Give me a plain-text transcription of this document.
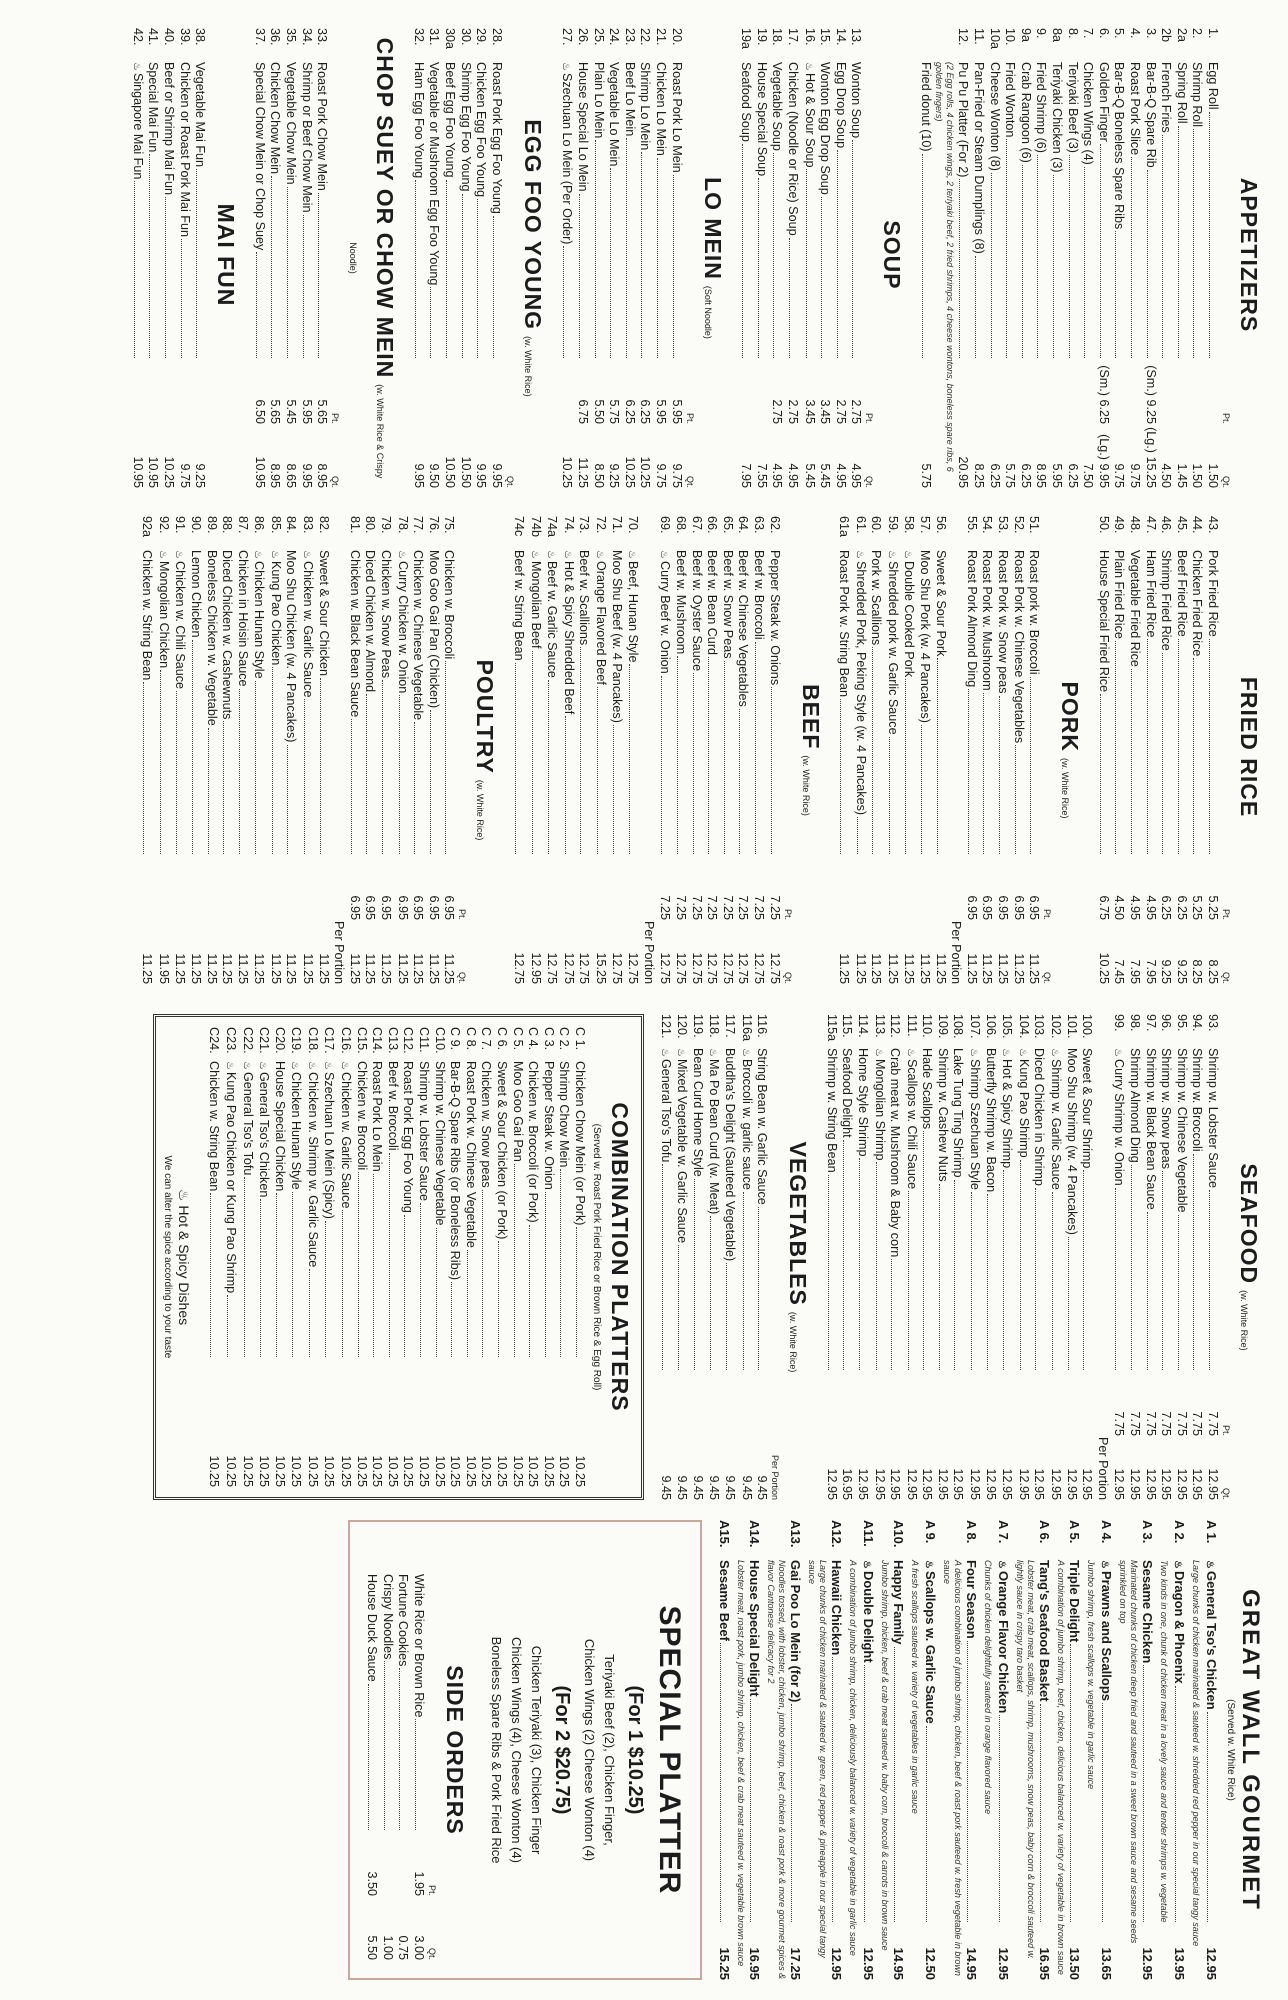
APPETIZERS
Pt.
Qt.
1.
Egg Roll
1.50
2.
Shrimp Roll
1.50
2a
Spring Roll
1.45
2b
French Fries
4.50
3.
Bar-B-Q Spare Rib
(Sm.) 9.25
(Lg.) 15.25
4.
Roast Pork Slice
9.75
5.
Bar-B-Q Boneless Spare Ribs
9.75
6.
Golden Finger
(Sm.) 6.25
(Lg.) 9.95
7.
Chicken Wings (4)
7.50
8.
Teriyaki Beef (3)
6.25
8a
Teriyaki Chicken (3)
5.95
9.
Fried Shrimp (6)
8.95
9a
Crab Rangoon (6)
6.25
10.
Fried Wonton
5.75
10a
Cheese Wonton (8)
6.25
11.
Pan-Fried or Steam Dumplings (8)
8.25
12.
Pu Pu Platter (For 2)
20.95
(2 Egg rolls, 4 chicken wings, 2 teriyaki beef, 2 fried shrimps, 4 cheese wontons, boneless spare ribs, 6 golden fingers)
Fried donut (10)
5.75
SOUP
Pt.
Qt.
13.
Wonton Soup
2.75
4.95
14.
Egg Drop Soup
2.75
4.95
15.
Wonton Egg Drop Soup
3.45
5.45
16.
♨
Hot & Sour Soup
3.45
5.45
17.
Chicken (Noodle or Rice) Soup
2.75
4.95
18.
Vegetable Soup
2.75
4.95
19.
House Special Soup
7.55
19a
Seafood Soup
7.95
LO MEIN(Soft Noodle)
Pt.
Qt.
20.
Roast Pork Lo Mein
5.95
9.75
21.
Chicken Lo Mein
5.95
9.75
22.
Shrimp Lo Mein
6.25
10.25
23.
Beef Lo Mein
6.25
10.25
24.
Vegetable Lo Mein
5.75
9.25
25.
Plain Lo Mein
5.50
8.50
26.
House Special Lo Mein
6.75
11.25
27.
♨
Szechuan Lo Mein (Per Order)
10.25
EGG FOO YOUNG(w. White Rice)
Qt.
28.
Roast Pork Egg Foo Young
9.95
29.
Chicken Egg Foo Young
9.95
30.
Shrimp Egg Foo Young
10.50
30a
Beef Egg Foo Young
10.50
31.
Vegetable or Mushroom Egg Foo Young
9.50
32.
Ham Egg Foo Young
9.95
CHOP SUEY OR CHOW MEIN(w. White Rice & Crispy Noodle)
Pt.
Qt.
33.
Roast Pork Chow Mein
5.65
8.95
34.
Shrimp or Beef Chow Mein
5.95
9.95
35.
Vegetable Chow Mein
5.45
8.65
36.
Chicken Chow Mein
5.65
8.95
37.
Special Chow Mein or Chop Suey
6.50
10.95
MAI FUN
38.
Vegetable Mai Fun
9.25
39.
Chicken or Roast Pork Mai Fun
9.75
40.
Beef or Shrimp Mai Fun
10.25
41.
Special Mai Fun
10.95
42.
♨
Singapore Mai Fun
10.95
FRIED RICE
Pt.
Qt.
43.
Pork Fried Rice
5.25
8.25
44.
Chicken Fried Rice
5.25
8.25
45.
Beef Fried Rice
6.25
9.25
46.
Shrimp Fried Rice
6.25
9.25
47.
Ham Fried Rice
4.95
7.95
48.
Vegetable Fried Rice
4.95
7.95
49.
Plain Fried Rice
4.50
7.45
50.
House Special Fried Rice
6.75
10.25
PORK(w. White Rice)
Pt.
Qt.
51.
Roast pork w. Broccoli
6.95
11.25
52.
Roast Pork w. Chinese Vegetables
6.95
11.25
53.
Roast Pork w. Snow peas
6.95
11.25
54.
Roast Pork w. Mushroom
6.95
11.25
55.
Roast Pork Almond Ding
6.95
11.25
Per Portion
56.
Sweet & Sour Pork
11.25
57.
Moo Shu Pork (w. 4 Pancakes)
11.25
58.
♨
Double Cooked Pork
11.25
59.
♨
Shredded pork w. Garlic Sauce
11.25
60.
Pork w. Scallions
11.25
61.
♨
Shredded Pork, Peking Style (w. 4 Pancakes)
11.25
61a
Roast Pork w. String Bean
11.25
BEEF(w. White Rice)
Pt.
Qt.
62.
Pepper Steak w. Onions
7.25
12.75
63.
Beef w. Broccoli
7.25
12.75
64.
Beef w. Chinese Vegetables
7.25
12.75
65.
Beef w. Snow Peas
7.25
12.75
66.
Beef w. Bean Curd
7.25
12.75
67.
Beef w. Oyster Sauce
7.25
12.75
68.
Beef w. Mushroom
7.25
12.75
69.
♨
Curry Beef w. Onion
7.25
12.75
Per Portion
70.
♨
Beef, Hunan Style
12.75
71.
Moo Shu Beef (w. 4 Pancakes)
12.75
72.
♨
Orange Flavored Beef
15.25
73.
Beef w. Scallions
12.75
74.
♨
Hot & Spicy Shredded Beef
12.75
74a
♨
Beef w. Garlic Sauce
12.75
74b
♨
Mongolian Beef
12.95
74c
Beef w. String Bean
12.75
POULTRY(w. White Rice)
Pt.
Qt.
75.
Chicken w. Broccoli
6.95
11.25
76.
Moo Goo Gai Pan (Chicken)
6.95
11.25
77.
Chicken w. Chinese Vegetable
6.95
11.25
78.
♨
Curry Chicken w. Onion
6.95
11.25
79.
Chicken w. Snow Peas
6.95
11.25
80.
Diced Chicken w. Almond
6.95
11.25
81.
Chicken w. Black Bean Sauce
6.95
11.25
Per Portion
82.
Sweet & Sour Chicken
11.25
83.
♨
Chicken w. Garlic Sauce
11.25
84.
Moo Shu Chicken (w. 4 Pancakes)
11.25
85.
♨
Kung Pao Chicken
11.25
86.
♨
Chicken Hunan Style
11.25
87.
Chicken in Hoisin Sauce
11.25
88.
Diced Chicken w. Cashewnuts
11.25
89.
Boneless Chicken w. Vegetable
11.25
90.
Lemon Chicken
11.25
91.
♨
Chicken w. Chili Sauce
11.25
92.
♨
Mongolian Chicken
11.95
92a
Chicken w. String Bean
11.25
SEAFOOD(w. White Rice)
Pt.
Qt.
93.
Shrimp w. Lobster Sauce
7.75
12.95
94.
Shrimp w. Broccoli
7.75
12.95
95.
Shrimp w. Chinese Vegetable
7.75
12.95
96.
Shrimp w. Snow peas
7.75
12.95
97.
Shrimp w. Black Bean Sauce
7.75
12.95
98.
Shrimp Almond Ding
7.75
12.95
99.
♨
Curry Shrimp w. Onion
7.75
12.95
Per Portion
100.
Sweet & Sour Shrimp
12.95
101.
Moo Shu Shrimp (w. 4 Pancakes)
12.95
102.
♨
Shrimp w. Garlic Sauce
12.95
103.
Diced Chicken in Shrimp
12.95
104.
♨
Kung Pao Shrimp
12.95
105.
♨
Hot & Spicy Shrimp
12.95
106.
Butterfly Shrimp w. Bacon
12.95
107.
♨
Shrimp Szechuan Style
12.95
108.
Lake Tung Ting Shrimp
12.95
109.
Shrimp w. Cashew Nuts
12.95
110.
Hade Scallops
12.95
111.
♨
Scallops w. Chili Sauce
12.95
112.
Crab meat w. Mushroom & Baby corn
12.95
113.
♨
Mongolian Shrimp
12.95
114.
Home Style Shrimp
12.95
115.
Seafood Delight
16.95
115a
Shrimp w. String Bean
12.95
VEGETABLES(w. White Rice)
Per Portion
116.
String Bean w. Garlic Sauce
9.45
116a
♨
Broccoli w. garlic sauce
9.45
117.
Buddha's Delight (Sauteed Vegetable)
9.45
118.
♨
Ma Po Bean Curd (w. Meat)
9.45
119.
Bean Curd Home Style
9.45
120.
♨
Mixed Vegetable w. Garlic Sauce
9.45
121.
♨
General Tso's Tofu
9.45
COMBINATION PLATTERS
(Served w. Roast Pork Fried Rice or Brown Rice & Egg Roll)
C 1.
Chicken Chow Mein (or Pork)
10.25
C 2.
Shrimp Chow Mein
10.25
C 3.
Pepper Steak w. Onion
10.25
C 4.
Chicken w. Broccoli (or Pork)
10.25
C 5.
Moo Goo Gai Pan
10.25
C 6.
Sweet & Sour Chicken (or Pork)
10.25
C 7.
Chicken w. Snow peas
10.25
C 8.
Roast Pork w. Chinese Vegetable
10.25
C 9.
Bar-B-Q Spare Ribs (or Boneless Ribs)
10.25
C10.
Shrimp w. Chinese Vegetable
10.25
C11.
Shrimp w. Lobster Sauce
10.25
C12.
Roast Pork Egg Foo Young
10.25
C13.
Beef w. Broccoli
10.25
C14.
Roast Pork Lo Mein
10.25
C15.
Chicken w. Broccoli
10.25
C16.
♨
Chicken w. Garlic Sauce
10.25
C17.
♨
Szechuan Lo Mein (Spicy)
10.25
C18.
♨
Chicken w. Shrimp w. Garlic Sauce
10.25
C19.
♨
Chicken Hunan Style
10.25
C20.
House Special Chicken
10.25
C21.
♨
General Tso's Chicken
10.25
C22.
♨
General Tso's Tofu
10.25
C23.
♨
Kung Pao Chicken or Kung Pao Shrimp
10.25
C24.
Chicken w. String Bean
10.25
♨ Hot & Spicy Dishes
We can alter the spice according to your taste
GREAT WALL GOURMET
(Served w. White Rice)
A 1.
♨
General Tso's Chicken
12.95
Large chunks of chicken marinated & sauteed w. shredded red pepper in our special tangy sauce
A 2.
♨
Dragon & Phoenix
13.95
Two kinds in one, chunk of chicken meat in a lovely sauce and tender shrimps w. vegetable
A 3.
Sesame Chicken
12.95
Marinated chunks of chicken deep fried and sauteed in a sweet brown sauce and sesame seeds sprinkled on top
A 4.
♨
Prawns and Scallops
13.65
Jumbo shrimp, fresh scallops w. vegetable in garlic sauce
A 5.
Triple Delight
13.50
A combination of jumbo shrimp, beef, chicken, delicious balanced w. variety of vegetable in brown sauce
A 6.
Tang's Seafood Basket
16.95
Lobster meat, crab meat, scallops, shrimp, mushrooms, snow peas, baby corn & broccoli sauteed w. lightly sauce in crispy taro basket
A 7.
♨
Orange Flavor Chicken
12.95
Chunks of chicken delightfully sauteed in orange flavored sauce
A 8.
Four Season
14.95
A delicious combination of jumbo shrimp, chicken, beef & roast pork sauteed w. fresh vegetable in brown sauce
A 9.
♨
Scallops w. Garlic Sauce
12.50
A fresh scallops sauteed w. variety of vegetables in garlic sauce
A10.
Happy Family
14.95
Jumbo shrimp, chicken, beef & crab meat sauteed w. baby corn, broccoli & carrots in brown sauce
A11.
♨
Double Delight
12.95
A combination of jumbo shrimp, chicken, deliciously balanced w. variety of vegetable in garlic sauce
A12.
Hawaii Chicken
12.95
Large chunks of chicken marinated & sauteed w. green, red pepper & pineapple in our special tangy sauce
A13.
Gai Poo Lo Mein (for 2)
17.25
Noodles tossed, with lobster, chicken, jumbo shrimp, beef, chicken & roast pork & more gourmet spices & flavor Cantonese delicacy for 2
A14.
House Special Delight
16.95
Lobster meat, roast pork, jumbo shrimp, chicken, beef & crab meat sauteed w. vegetable brown sauce
A15.
Sesame Beef
15.25
SPECIAL PLATTER
(For 1 $10.25)
Teriyaki Beef (2), Chicken Finger,
Chicken Wings (2) Cheese Wonton (4)
(For 2 $20.75)
Chicken Teriyaki (3), Chicken Finger
Chicken Wings (4), Cheese Wonton (4)
Boneless Spare Ribs & Pork Fried Rice
SIDE ORDERS
Pt.
Qt.
White Rice or Brown Rice
1.95
3.00
Fortune Cookies
0.75
Crispy Noodles
1.00
House Duck Sauce
3.50
5.50
